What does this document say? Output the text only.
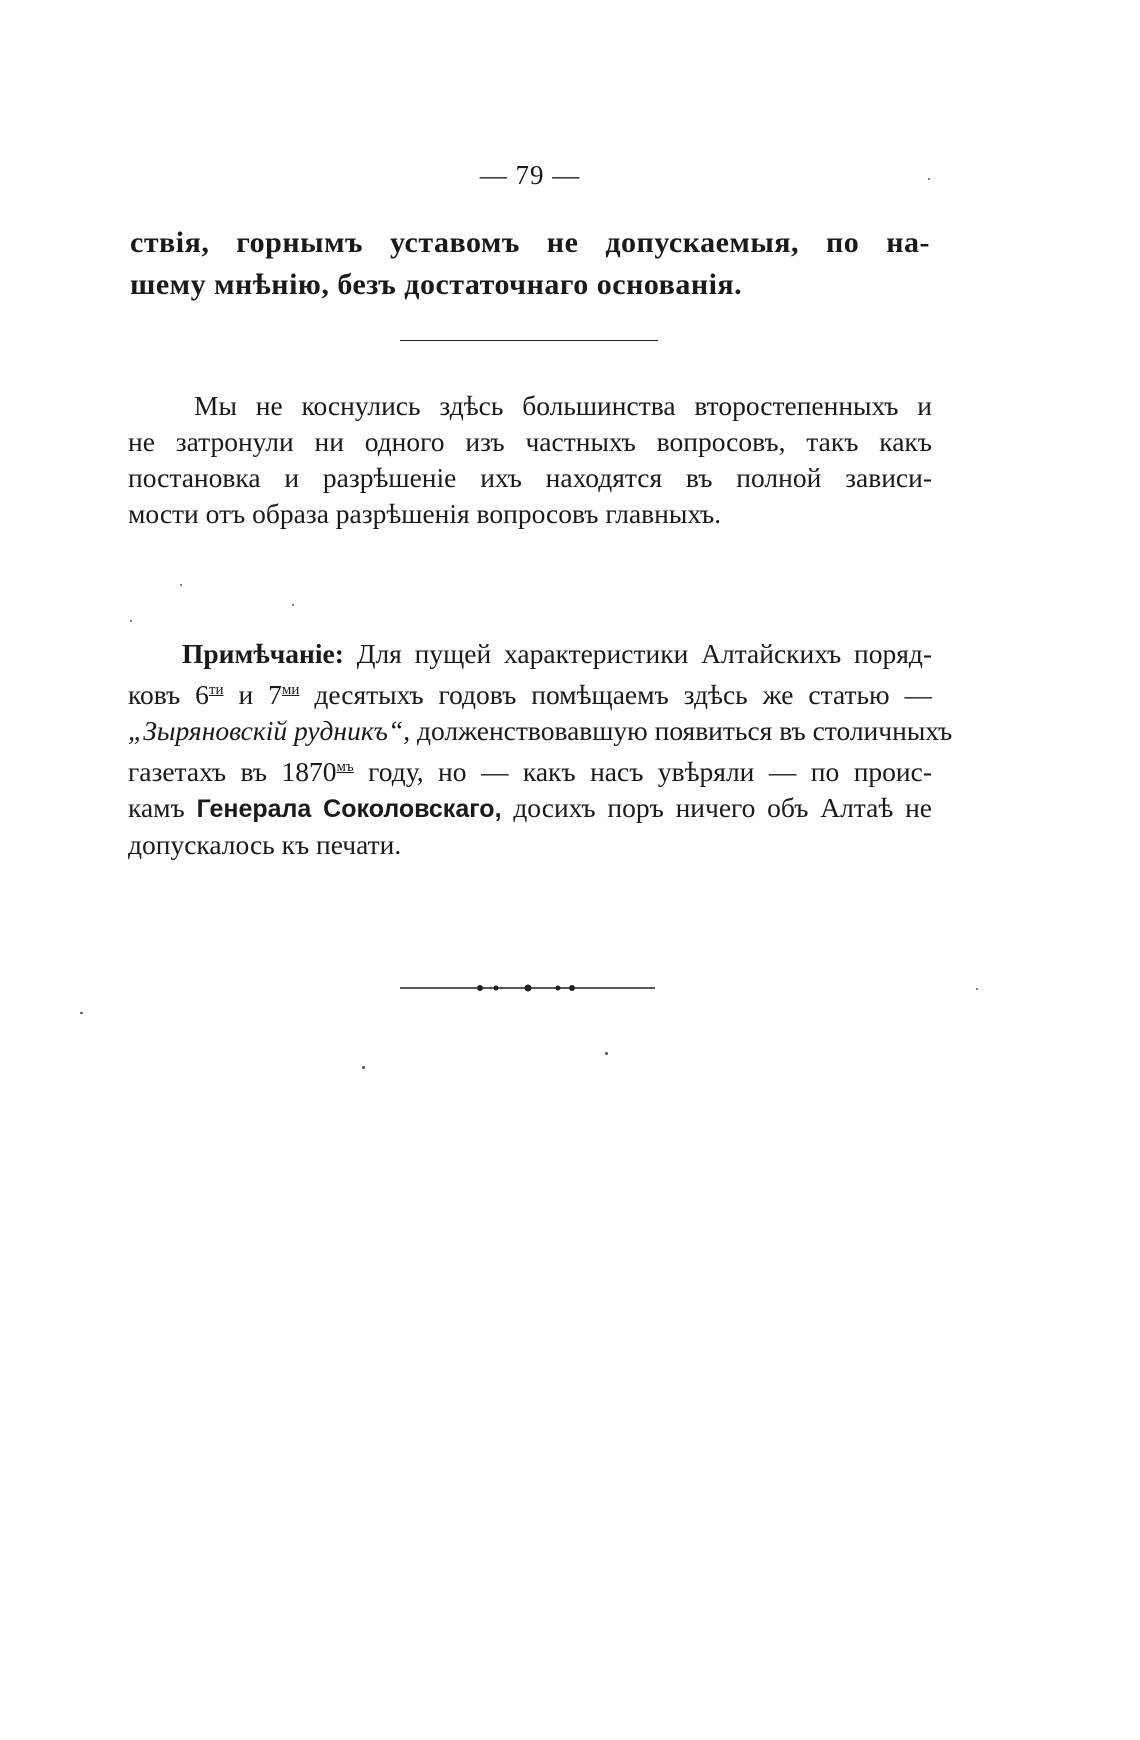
— 79 —
ствія, горнымъ уставомъ не допускаемыя, по на-
шему мнѣнію, безъ достаточнаго основанія.
Мы не коснулись здѣсь большинства второстепенныхъ и
не затронули ни одного изъ частныхъ вопросовъ, такъ какъ
постановка и разрѣшеніе ихъ находятся въ полной зависи-
мости отъ образа разрѣшенія вопросовъ главныхъ.
Примѣчаніе: Для пущей характеристики Алтайскихъ поряд-
ковъ $6^{ти}$ и $7^{ми}$ десятыхъ годовъ помѣщаемъ здѣсь же статью —
„Зыряновскій рудникъ“, долженствовавшую появиться въ столичныхъ
газетахъ въ $1870^{мъ}$ году, но — какъ насъ увѣряли — по проис-
камъ Генерала Соколовскаго, досихъ поръ ничего объ Алтаѣ не
допускалось къ печати.
